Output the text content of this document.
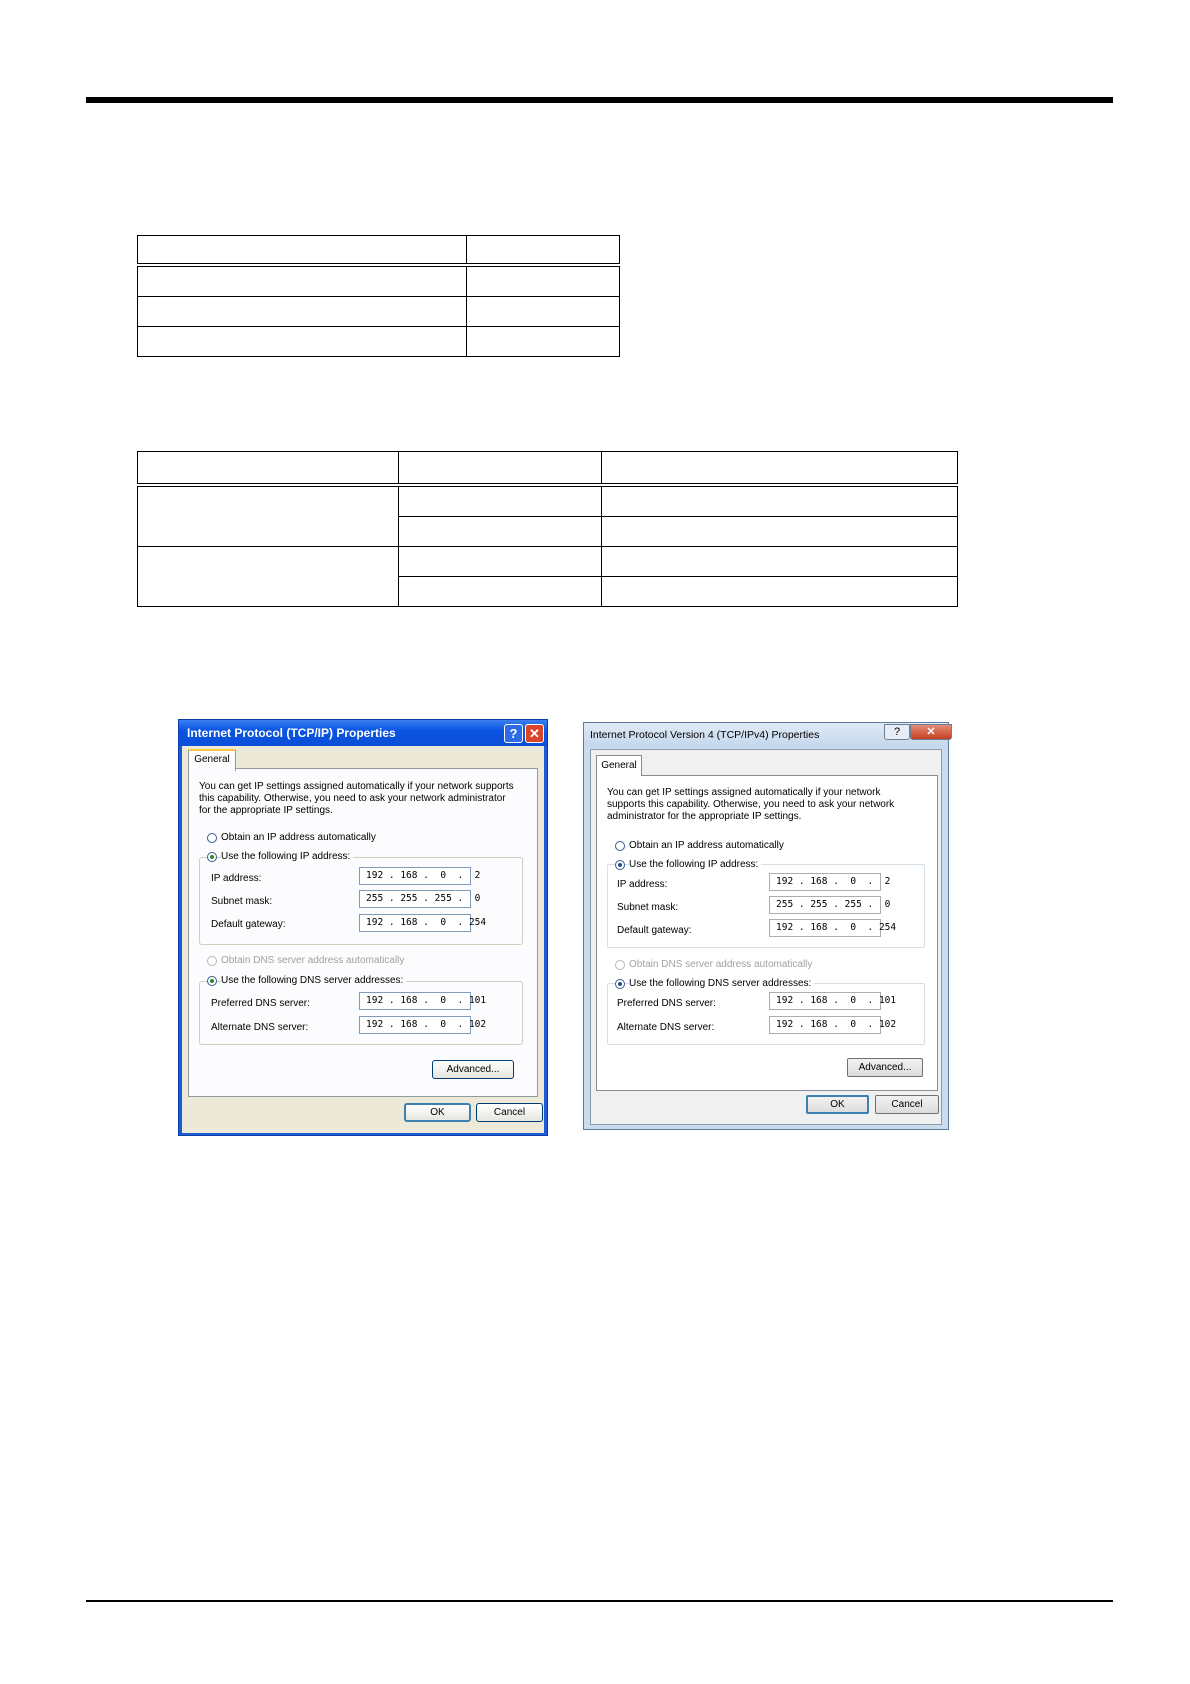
Internet Protocol (TCP/IP) Properties	? ✕
General
You can get IP settings assigned automatically if your network supports this capability. Otherwise, you need to ask your network administrator for the appropriate IP settings.
Obtain an IP address automatically
Use the following IP address:
IP address:	192 . 168 .  0  .  2
Subnet mask:	255 . 255 . 255 .  0
Default gateway:	192 . 168 .  0  . 254
Obtain DNS server address automatically
Use the following DNS server addresses:
Preferred DNS server:	192 . 168 .  0  . 101
Alternate DNS server:	192 . 168 .  0  . 102
Advanced...
OK	Cancel
Internet Protocol Version 4 (TCP/IPv4) Properties	?	✕
General
You can get IP settings assigned automatically if your network supports this capability. Otherwise, you need to ask your network administrator for the appropriate IP settings.
Obtain an IP address automatically
Use the following IP address:
IP address:	192 . 168 .  0  .  2
Subnet mask:	255 . 255 . 255 .  0
Default gateway:	192 . 168 .  0  . 254
Obtain DNS server address automatically
Use the following DNS server addresses:
Preferred DNS server:	192 . 168 .  0  . 101
Alternate DNS server:	192 . 168 .  0  . 102
Advanced...
OK	Cancel
